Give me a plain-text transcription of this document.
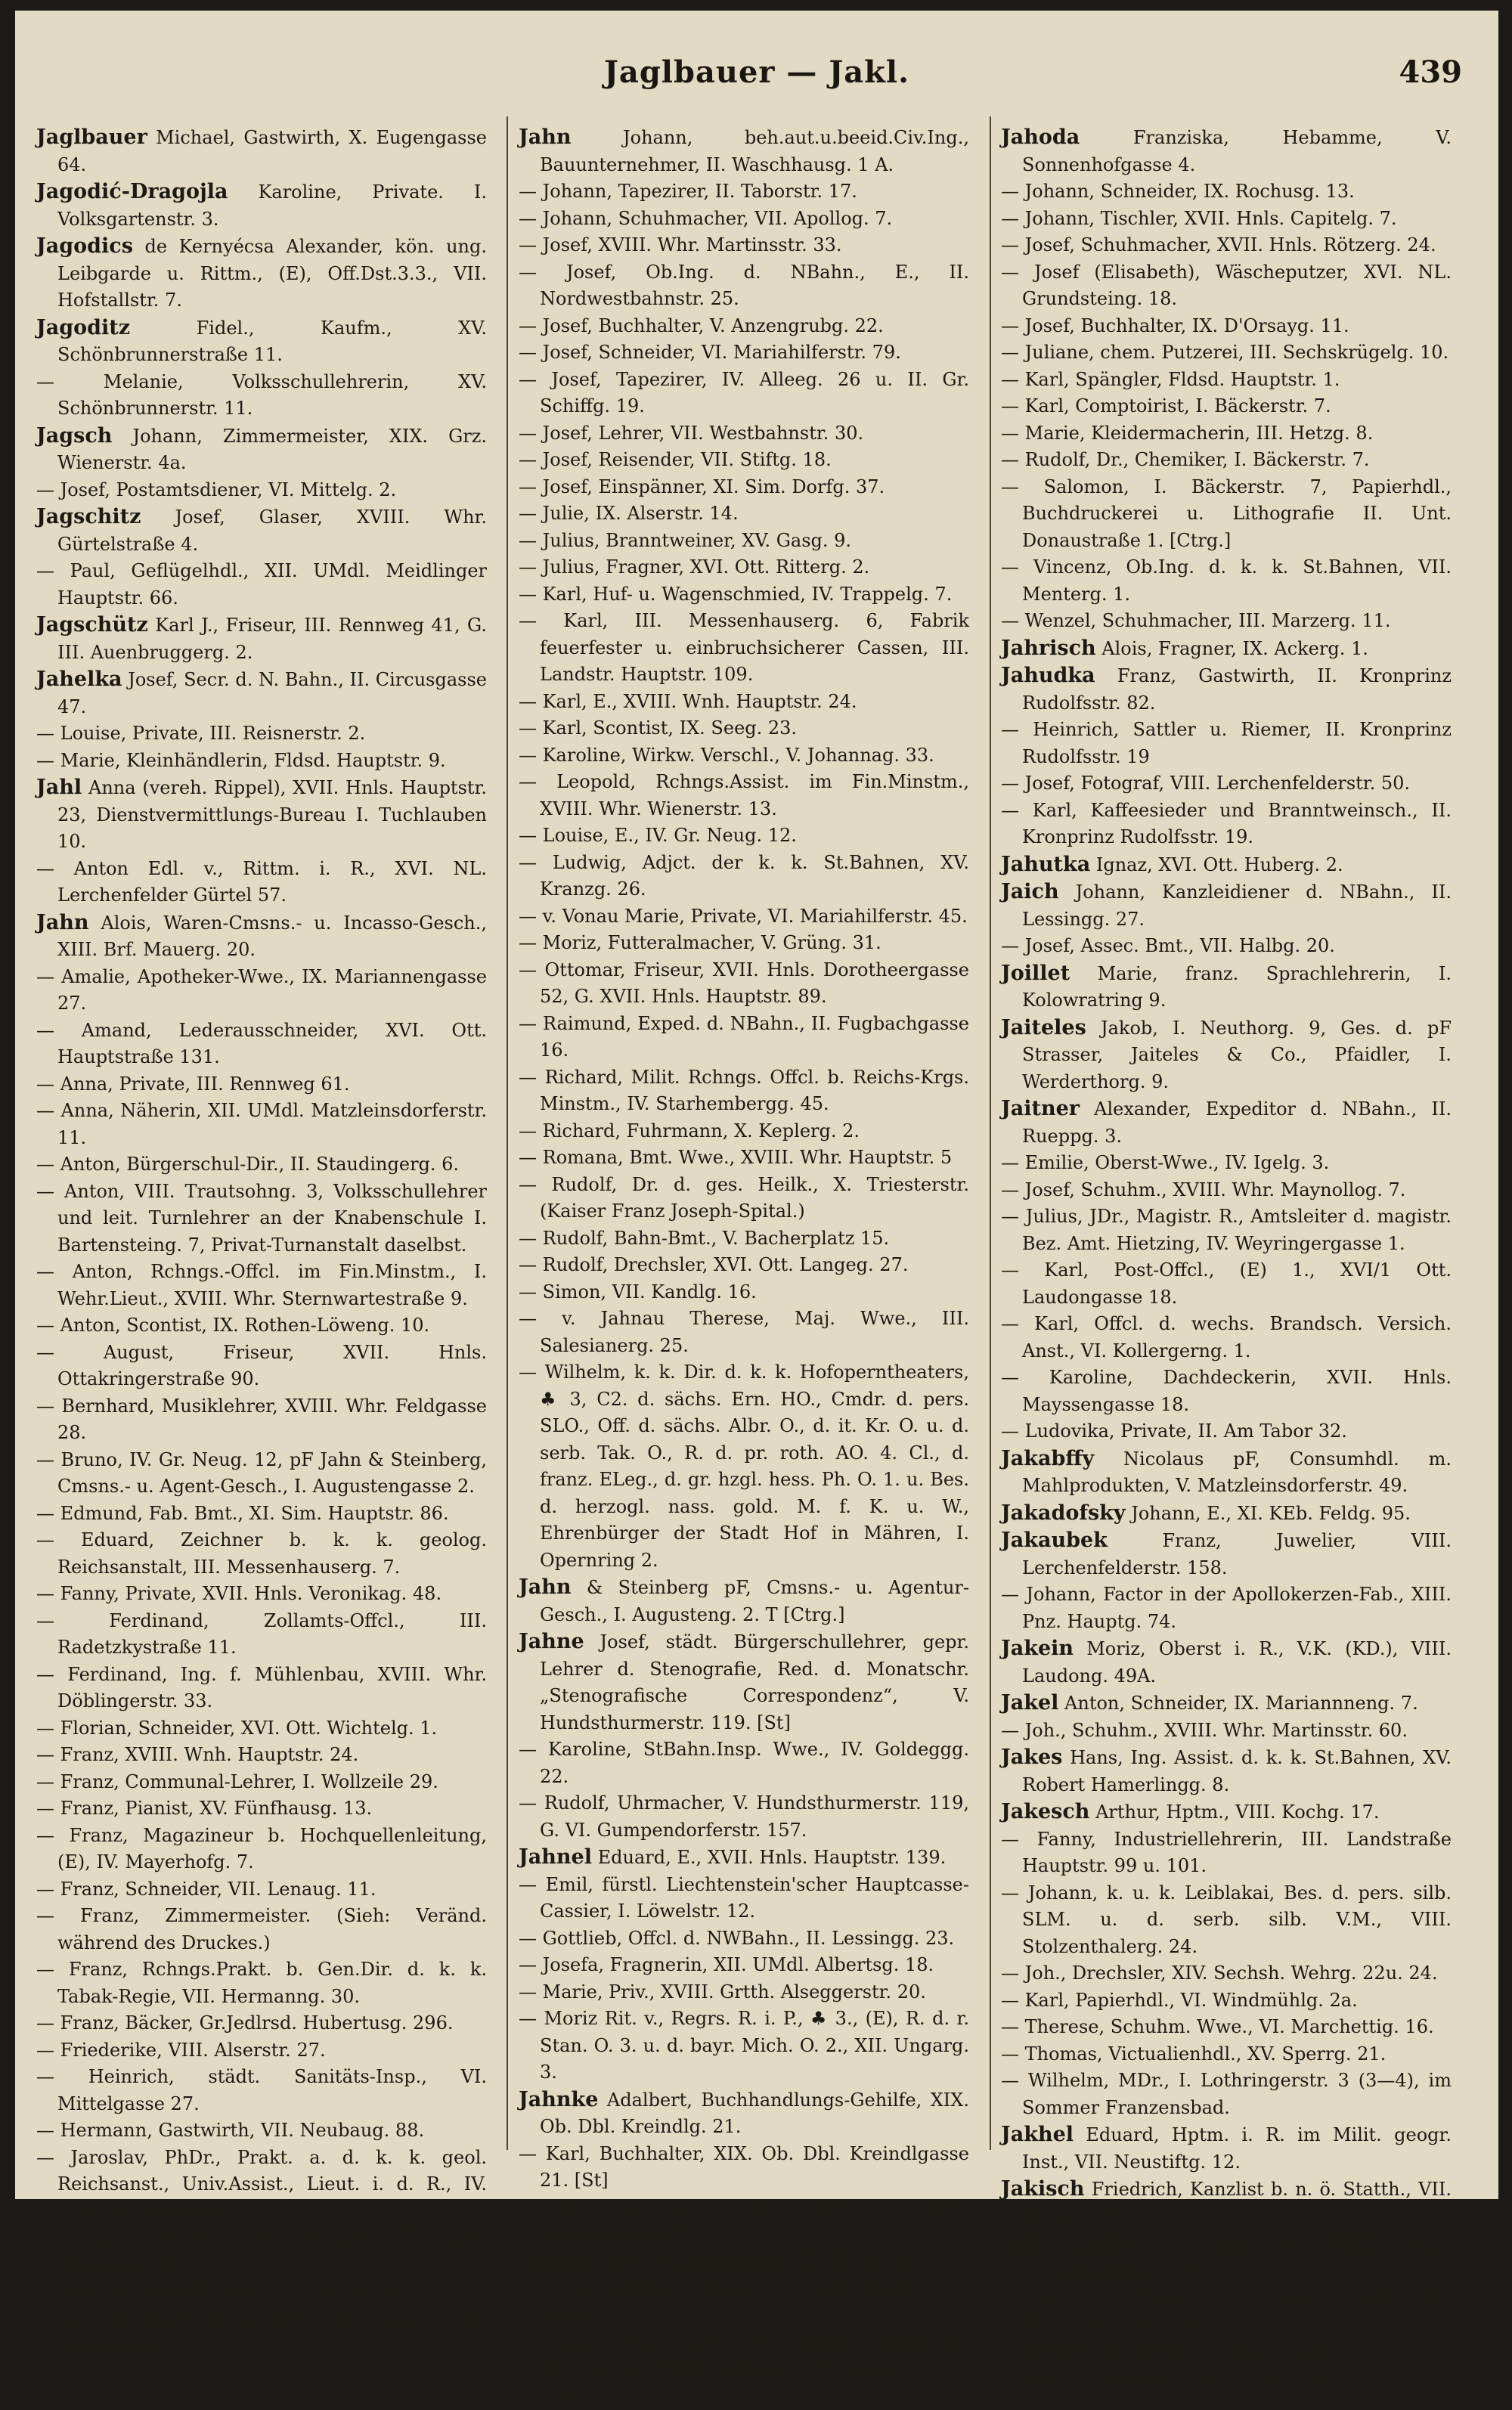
Jaglbauer — Jakl.	439
Jaglbauer Michael, Gastwirth, X. Eugengasse 64.
Jagodić-Dragojla Karoline, Private. I. Volksgartenstr. 3.
Jagodics de Kernyécsa Alexander, kön. ung. Leibgarde u. Rittm., (E), Off.Dst.3.3., VII. Hofstallstr. 7.
Jagoditz Fidel., Kaufm., XV. Schönbrunnerstraße 11.
— Melanie, Volksschullehrerin, XV. Schönbrunnerstr. 11.
Jagsch Johann, Zimmermeister, XIX. Grz. Wienerstr. 4a.
— Josef, Postamtsdiener, VI. Mittelg. 2.
Jagschitz Josef, Glaser, XVIII. Whr. Gürtelstraße 4.
— Paul, Geflügelhdl., XII. UMdl. Meidlinger Hauptstr. 66.
Jagschütz Karl J., Friseur, III. Rennweg 41, G. III. Auenbruggerg. 2.
Jahelka Josef, Secr. d. N. Bahn., II. Circusgasse 47.
— Louise, Private, III. Reisnerstr. 2.
— Marie, Kleinhändlerin, Fldsd. Hauptstr. 9.
Jahl Anna (vereh. Rippel), XVII. Hnls. Hauptstr. 23, Dienstvermittlungs-Bureau I. Tuchlauben 10.
— Anton Edl. v., Rittm. i. R., XVI. NL. Lerchenfelder Gürtel 57.
Jahn Alois, Waren-Cmsns.- u. Incasso-Gesch., XIII. Brf. Mauerg. 20.
— Amalie, Apotheker-Wwe., IX. Mariannengasse 27.
— Amand, Lederausschneider, XVI. Ott. Hauptstraße 131.
— Anna, Private, III. Rennweg 61.
— Anna, Näherin, XII. UMdl. Matzleinsdorferstr. 11.
— Anton, Bürgerschul-Dir., II. Staudingerg. 6.
— Anton, VIII. Trautsohng. 3, Volksschullehrer und leit. Turnlehrer an der Knabenschule I. Bartensteing. 7, Privat-Turnanstalt daselbst.
— Anton, Rchngs.-Offcl. im Fin.Minstm., I. Wehr.Lieut., XVIII. Whr. Sternwartestraße 9.
— Anton, Scontist, IX. Rothen-Löweng. 10.
— August, Friseur, XVII. Hnls. Ottakringerstraße 90.
— Bernhard, Musiklehrer, XVIII. Whr. Feldgasse 28.
— Bruno, IV. Gr. Neug. 12, pF Jahn & Steinberg, Cmsns.- u. Agent-Gesch., I. Augustengasse 2.
— Edmund, Fab. Bmt., XI. Sim. Hauptstr. 86.
— Eduard, Zeichner b. k. k. geolog. Reichsanstalt, III. Messenhauserg. 7.
— Fanny, Private, XVII. Hnls. Veronikag. 48.
— Ferdinand, Zollamts-Offcl., III. Radetzkystraße 11.
— Ferdinand, Ing. f. Mühlenbau, XVIII. Whr. Döblingerstr. 33.
— Florian, Schneider, XVI. Ott. Wichtelg. 1.
— Franz, XVIII. Wnh. Hauptstr. 24.
— Franz, Communal-Lehrer, I. Wollzeile 29.
— Franz, Pianist, XV. Fünfhausg. 13.
— Franz, Magazineur b. Hochquellenleitung, (E), IV. Mayerhofg. 7.
— Franz, Schneider, VII. Lenaug. 11.
— Franz, Zimmermeister. (Sieh: Veränd. während des Druckes.)
— Franz, Rchngs.Prakt. b. Gen.Dir. d. k. k. Tabak-Regie, VII. Hermanng. 30.
— Franz, Bäcker, Gr.Jedlrsd. Hubertusg. 296.
— Friederike, VIII. Alserstr. 27.
— Heinrich, städt. Sanitäts-Insp., VI. Mittelgasse 27.
— Hermann, Gastwirth, VII. Neubaug. 88.
— Jaroslav, PhDr., Prakt. a. d. k. k. geol. Reichsanst., Univ.Assist., Lieut. i. d. R., IV. Wiedner Hauptstr. 2.
— Johann, Drechsler, pF Joh. Jahn, XII. Gdz. Plankeng. 45.
— Johann, Sichh.W.Insp., X. Erlachg. 16.
— Johann, Bau-R. d. Wiener Stadtbauamtes, IV. Mayerhofg. 7.
Jahn Johann, beh.aut.u.beeid.Civ.Ing., Bauunternehmer, II. Waschhausg. 1 A.
— Johann, Tapezirer, II. Taborstr. 17.
— Johann, Schuhmacher, VII. Apollog. 7.
— Josef, XVIII. Whr. Martinsstr. 33.
— Josef, Ob.Ing. d. NBahn., E., II. Nordwestbahnstr. 25.
— Josef, Buchhalter, V. Anzengrubg. 22.
— Josef, Schneider, VI. Mariahilferstr. 79.
— Josef, Tapezirer, IV. Alleeg. 26 u. II. Gr. Schiffg. 19.
— Josef, Lehrer, VII. Westbahnstr. 30.
— Josef, Reisender, VII. Stiftg. 18.
— Josef, Einspänner, XI. Sim. Dorfg. 37.
— Julie, IX. Alserstr. 14.
— Julius, Branntweiner, XV. Gasg. 9.
— Julius, Fragner, XVI. Ott. Ritterg. 2.
— Karl, Huf- u. Wagenschmied, IV. Trappelg. 7.
— Karl, III. Messenhauserg. 6, Fabrik feuerfester u. einbruchsicherer Cassen, III. Landstr. Hauptstr. 109.
— Karl, E., XVIII. Wnh. Hauptstr. 24.
— Karl, Scontist, IX. Seeg. 23.
— Karoline, Wirkw. Verschl., V. Johannag. 33.
— Leopold, Rchngs.Assist. im Fin.Minstm., XVIII. Whr. Wienerstr. 13.
— Louise, E., IV. Gr. Neug. 12.
— Ludwig, Adjct. der k. k. St.Bahnen, XV. Kranzg. 26.
— v. Vonau Marie, Private, VI. Mariahilferstr. 45.
— Moriz, Futteralmacher, V. Grüng. 31.
— Ottomar, Friseur, XVII. Hnls. Dorotheergasse 52, G. XVII. Hnls. Hauptstr. 89.
— Raimund, Exped. d. NBahn., II. Fugbachgasse 16.
— Richard, Milit. Rchngs. Offcl. b. Reichs-Krgs. Minstm., IV. Starhembergg. 45.
— Richard, Fuhrmann, X. Keplerg. 2.
— Romana, Bmt. Wwe., XVIII. Whr. Hauptstr. 5
— Rudolf, Dr. d. ges. Heilk., X. Triesterstr. (Kaiser Franz Joseph-Spital.)
— Rudolf, Bahn-Bmt., V. Bacherplatz 15.
— Rudolf, Drechsler, XVI. Ott. Langeg. 27.
— Simon, VII. Kandlg. 16.
— v. Jahnau Therese, Maj. Wwe., III. Salesianerg. 25.
— Wilhelm, k. k. Dir. d. k. k. Hofoperntheaters, ♣ 3, C2. d. sächs. Ern. HO., Cmdr. d. pers. SLO., Off. d. sächs. Albr. O., d. it. Kr. O. u. d. serb. Tak. O., R. d. pr. roth. AO. 4. Cl., d. franz. ELeg., d. gr. hzgl. hess. Ph. O. 1. u. Bes. d. herzogl. nass. gold. M. f. K. u. W., Ehrenbürger der Stadt Hof in Mähren, I. Opernring 2.
Jahn & Steinberg pF, Cmsns.- u. Agentur-Gesch., I. Augusteng. 2. T [Ctrg.]
Jahne Josef, städt. Bürgerschullehrer, gepr. Lehrer d. Stenografie, Red. d. Monatschr. „Stenografische Correspondenz“, V. Hundsthurmerstr. 119. [St]
— Karoline, StBahn.Insp. Wwe., IV. Goldeggg. 22.
— Rudolf, Uhrmacher, V. Hundsthurmerstr. 119, G. VI. Gumpendorferstr. 157.
Jahnel Eduard, E., XVII. Hnls. Hauptstr. 139.
— Emil, fürstl. Liechtenstein'scher Hauptcasse-Cassier, I. Löwelstr. 12.
— Gottlieb, Offcl. d. NWBahn., II. Lessingg. 23.
— Josefa, Fragnerin, XII. UMdl. Albertsg. 18.
— Marie, Priv., XVIII. Grtth. Alseggerstr. 20.
— Moriz Rit. v., Regrs. R. i. P., ♣ 3., (E), R. d. r. Stan. O. 3. u. d. bayr. Mich. O. 2., XII. Ungarg. 3.
Jahnke Adalbert, Buchhandlungs-Gehilfe, XIX. Ob. Dbl. Kreindlg. 21.
— Karl, Buchhalter, XIX. Ob. Dbl. Kreindlgasse 21. [St]
— Richard, Assec. Bmt., XIX. Ob. Dbl. Kreindlgasse 21.
Jahoda Alois, Schuhmacher, III. Hörnesg. 3.
— Constantin, Post-Dir.-Haupt-Cassier, I. Gonzagag. 9.
— Emil, MDr., Vorst. d. chirurg. Abth. im Mariahilfer Ambulatorium, I. Bäckerstr. 17 (3—4). T
Jahoda Franziska, Hebamme, V. Sonnenhofgasse 4.
— Johann, Schneider, IX. Rochusg. 13.
— Johann, Tischler, XVII. Hnls. Capitelg. 7.
— Josef, Schuhmacher, XVII. Hnls. Rötzerg. 24.
— Josef (Elisabeth), Wäscheputzer, XVI. NL. Grundsteing. 18.
— Josef, Buchhalter, IX. D'Orsayg. 11.
— Juliane, chem. Putzerei, III. Sechskrügelg. 10.
— Karl, Spängler, Fldsd. Hauptstr. 1.
— Karl, Comptoirist, I. Bäckerstr. 7.
— Marie, Kleidermacherin, III. Hetzg. 8.
— Rudolf, Dr., Chemiker, I. Bäckerstr. 7.
— Salomon, I. Bäckerstr. 7, Papierhdl., Buchdruckerei u. Lithografie II. Unt. Donaustraße 1. [Ctrg.]
— Vincenz, Ob.Ing. d. k. k. St.Bahnen, VII. Menterg. 1.
— Wenzel, Schuhmacher, III. Marzerg. 11.
Jahrisch Alois, Fragner, IX. Ackerg. 1.
Jahudka Franz, Gastwirth, II. Kronprinz Rudolfsstr. 82.
— Heinrich, Sattler u. Riemer, II. Kronprinz Rudolfsstr. 19
— Josef, Fotograf, VIII. Lerchenfelderstr. 50.
— Karl, Kaffeesieder und Branntweinsch., II. Kronprinz Rudolfsstr. 19.
Jahutka Ignaz, XVI. Ott. Huberg. 2.
Jaich Johann, Kanzleidiener d. NBahn., II. Lessingg. 27.
— Josef, Assec. Bmt., VII. Halbg. 20.
Joillet Marie, franz. Sprachlehrerin, I. Kolowratring 9.
Jaiteles Jakob, I. Neuthorg. 9, Ges. d. pF Strasser, Jaiteles & Co., Pfaidler, I. Werderthorg. 9.
Jaitner Alexander, Expeditor d. NBahn., II. Rueppg. 3.
— Emilie, Oberst-Wwe., IV. Igelg. 3.
— Josef, Schuhm., XVIII. Whr. Maynollog. 7.
— Julius, JDr., Magistr. R., Amtsleiter d. magistr. Bez. Amt. Hietzing, IV. Weyringergasse 1.
— Karl, Post-Offcl., (E) 1., XVI/1 Ott. Laudongasse 18.
— Karl, Offcl. d. wechs. Brandsch. Versich. Anst., VI. Kollergerng. 1.
— Karoline, Dachdeckerin, XVII. Hnls. Mayssengasse 18.
— Ludovika, Private, II. Am Tabor 32.
Jakabffy Nicolaus pF, Consumhdl. m. Mahlprodukten, V. Matzleinsdorferstr. 49.
Jakadofsky Johann, E., XI. KEb. Feldg. 95.
Jakaubek Franz, Juwelier, VIII. Lerchenfelderstr. 158.
— Johann, Factor in der Apollokerzen-Fab., XIII. Pnz. Hauptg. 74.
Jakein Moriz, Oberst i. R., V.K. (KD.), VIII. Laudong. 49A.
Jakel Anton, Schneider, IX. Mariannneng. 7.
— Joh., Schuhm., XVIII. Whr. Martinsstr. 60.
Jakes Hans, Ing. Assist. d. k. k. St.Bahnen, XV. Robert Hamerlingg. 8.
Jakesch Arthur, Hptm., VIII. Kochg. 17.
— Fanny, Industriellehrerin, III. Landstraße Hauptstr. 99 u. 101.
— Johann, k. u. k. Leiblakai, Bes. d. pers. silb. SLM. u. d. serb. silb. V.M., VIII. Stolzenthalerg. 24.
— Joh., Drechsler, XIV. Sechsh. Wehrg. 22u. 24.
— Karl, Papierhdl., VI. Windmühlg. 2a.
— Therese, Schuhm. Wwe., VI. Marchettig. 16.
— Thomas, Victualienhdl., XV. Sperrg. 21.
— Wilhelm, MDr., I. Lothringerstr. 3 (3—4), im Sommer Franzensbad.
Jakhel Eduard, Hptm. i. R. im Milit. geogr. Inst., VII. Neustiftg. 12.
Jakisch Friedrich, Kanzlist b. n. ö. Statth., VII. Breiteg. 27.
Jakl Adalbert, Schuhmacher, XVIII. Wnh. Türkenschanzstr. 7.
— Ignaz, Geflügel- und Victualienhdl., XV. Mariahilf-Gürtel 29.
— Johann, Schneider, II. Am Tabor 8.
— Josef, Schneider, I. Bräunerstr. 10.
